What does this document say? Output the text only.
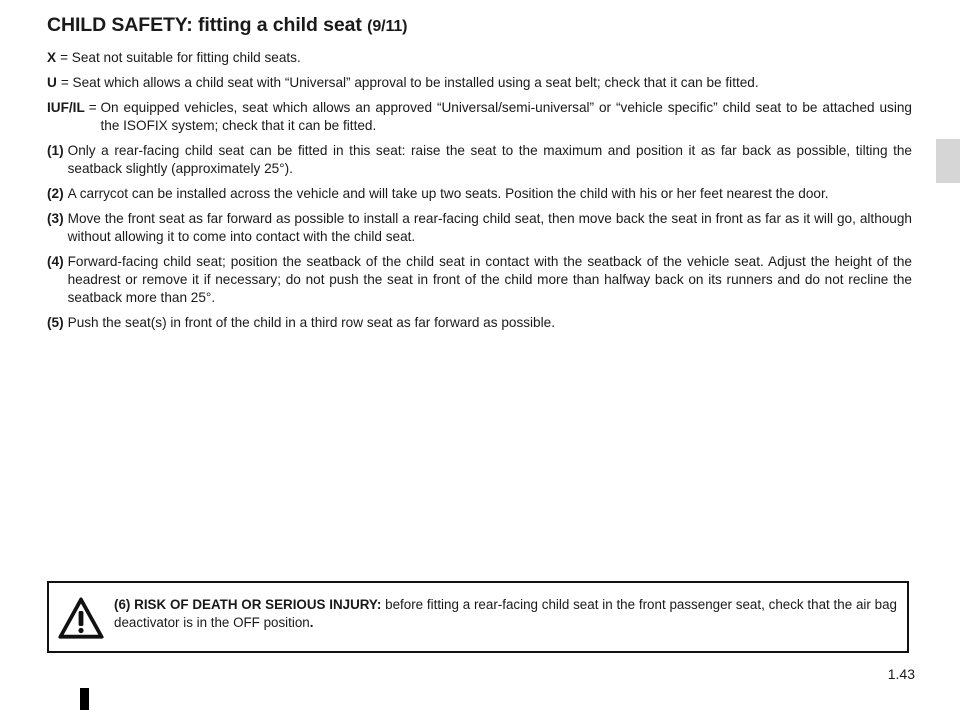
CHILD SAFETY: fitting a child seat (9/11)
X = Seat not suitable for fitting child seats.
U = Seat which allows a child seat with “Universal” approval to be installed using a seat belt; check that it can be fitted.
IUF/IL = On equipped vehicles, seat which allows an approved “Universal/semi-universal” or “vehicle specific” child seat to be attached using the ISOFIX system; check that it can be fitted.
(1) Only a rear-facing child seat can be fitted in this seat: raise the seat to the maximum and position it as far back as possible, tilting the seatback slightly (approximately 25°).
(2) A carrycot can be installed across the vehicle and will take up two seats. Position the child with his or her feet nearest the door.
(3) Move the front seat as far forward as possible to install a rear-facing child seat, then move back the seat in front as far as it will go, although without allowing it to come into contact with the child seat.
(4) Forward-facing child seat; position the seatback of the child seat in contact with the seatback of the vehicle seat. Adjust the height of the headrest or remove it if necessary; do not push the seat in front of the child more than halfway back on its runners and do not recline the seatback more than 25°.
(5) Push the seat(s) in front of the child in a third row seat as far forward as possible.
(6) RISK OF DEATH OR SERIOUS INJURY: before fitting a rear-facing child seat in the front passenger seat, check that the air bag deactivator is in the OFF position.
1.43
